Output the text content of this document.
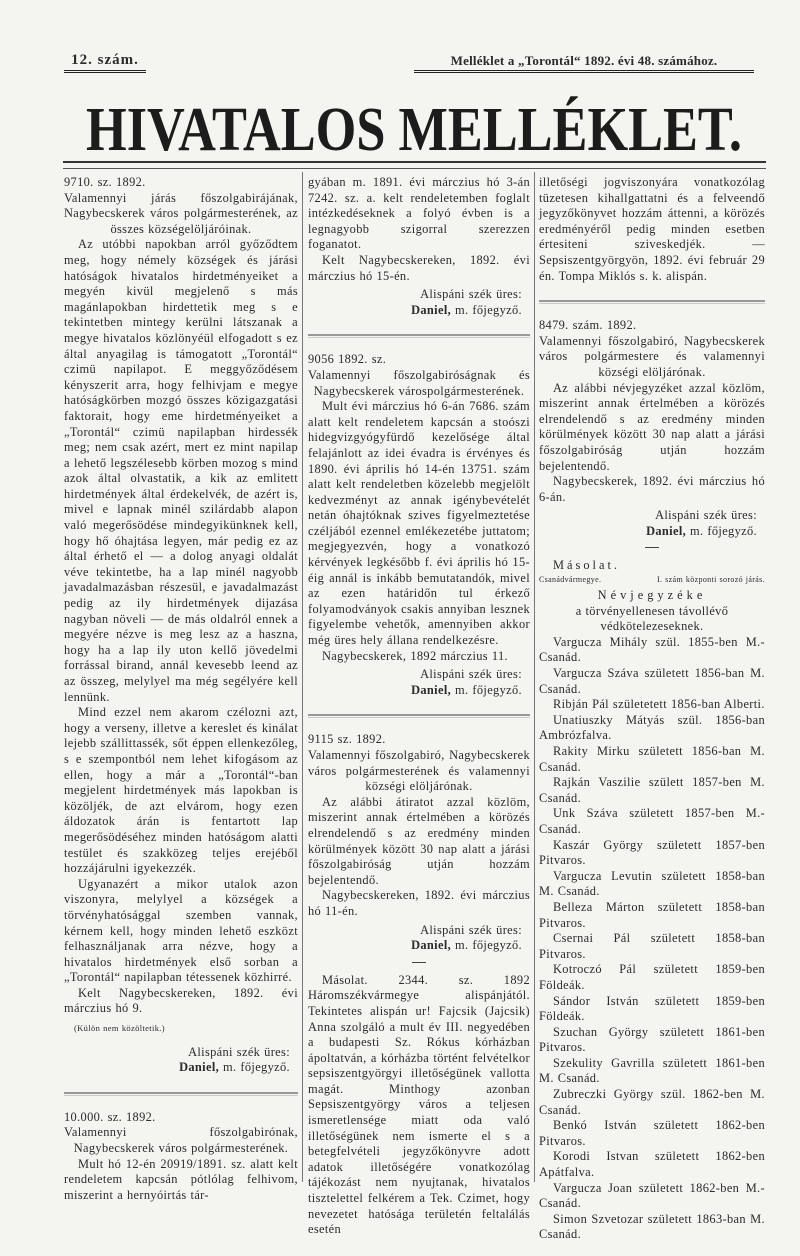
12. szám.	Melléklet a „Torontál“ 1892. évi 48. számához.
HIVATALOS MELLÉKLET.

9710. sz. 1892.

Valamennyi járás főszolgabirájának, Nagybecskerek város polgármesterének, az összes községelöljáróinak.

Az utóbbi napokban arról győződtem meg, hogy némely községek és járási hatóságok hivatalos hirdetményeiket a megyén kivül megjelenő s más magánlapokban hirdettetik meg s e tekintetben mintegy kerülni látszanak a megye hivatalos közlönyéül elfogadott s ez által anyagilag is támogatott „Torontál“ czimü napilapot. E meggyőződésem kényszerit arra, hogy felhivjam e megye hatóságkörben mozgó összes közigazgatási faktorait, hogy eme hirdetményeiket a „Torontál“ czimü napilapban hirdessék meg; nem csak azért, mert ez mint napilap a lehető legszélesebb körben mozog s mind azok által olvastatik, a kik az emlitett hirdetmények által érdekelvék, de azért is, mivel e lapnak minél szilárdabb alapon való megerősödése mindegyikünknek kell, hogy hő óhajtása legyen, már pedig ez az által érhető el — a dolog anyagi oldalát véve tekintetbe, ha a lap minél nagyobb javadalmazásban részesül, e javadalmazást pedig az ily hirdetmények dijazása nagyban növeli — de más oldalról ennek a megyére nézve is meg lesz az a haszna, hogy ha a lap ily uton kellő jövedelmi forrással birand, annál kevesebb leend az az összeg, melylyel ma még segélyére kell lennünk.

Mind ezzel nem akarom czélozni azt, hogy a verseny, illetve a kereslet és kinálat lejebb szállittassék, sőt éppen ellenkezőleg, s e szempontból nem lehet kifogásom az ellen, hogy a már a „Torontál“-ban megjelent hirdetmények más lapokban is közöljék, de azt elvárom, hogy ezen áldozatok árán is fentartott lap megerősödéséhez minden hatóságom alatti testület és szakközeg teljes erejéből hozzájárulni igyekezzék.

Ugyanazért a mikor utalok azon viszonyra, melylyel a községek a törvényhatósággal szemben vannak, kérnem kell, hogy minden lehető eszközt felhasználjanak arra nézve, hogy a hivatalos hirdetmények első sorban a „Torontál“ napilapban tétessenek közhirré.

Kelt Nagybecskereken, 1892. évi márczius hó 9.

(Külön nem közöltetik.)

Alispáni szék üres:
Daniel, m. főjegyző.

10.000. sz. 1892.

Valamennyi főszolgabirónak, Nagybecskerek város polgármesterének.

Mult hó 12-én 20919/1891. sz. alatt kelt rendeletem kapcsán pótlólag felhivom, miszerint a hernyóirtás tár-

gyában m. 1891. évi márczius hó 3-án 7242. sz. a. kelt rendeletemben foglalt intézkedéseknek a folyó évben is a legnagyobb szigorral szerezzen foganatot.

Kelt Nagybecskereken, 1892. évi márczius hó 15-én.

Alispáni szék üres:
Daniel, m. főjegyző.

9056 1892. sz.

Valamennyi főszolgabiróságnak és Nagybecskerek várospolgármesterének.

Mult évi márczius hó 6-án 7686. szám alatt kelt rendeletem kapcsán a stoószi hidegvizgyógyfürdő kezelősége által felajánlott az idei évadra is érvényes és 1890. évi április hó 14-én 13751. szám alatt kelt rendeletben közelebb megjelölt kedvezményt az annak igénybevételét netán óhajtóknak szives figyelmeztetése czéljából ezennel emlékezetébe juttatom; megjegyezvén, hogy a vonatkozó kérvények legkésőbb f. évi április hó 15-éig annál is inkább bemutatandók, mivel az ezen határidőn tul érkező folyamodványok csakis annyiban lesznek figyelembe vehetők, amennyiben akkor még üres hely állana rendelkezésre.

Nagybecskerek, 1892 márczius 11.

Alispáni szék üres:
Daniel, m. főjegyző.

9115 sz. 1892.

Valamennyi főszolgabiró, Nagybecskerek város polgármesterének és valamennyi községi elöljárónak.

Az alábbi átiratot azzal közlöm, miszerint annak értelmében a körözés elrendelendő s az eredmény minden körülmények között 30 nap alatt a járási főszolgabiróság utján hozzám bejelentendő.

Nagybecskereken, 1892. évi márczius hó 11-én.

Alispáni szék üres:
Daniel, m. főjegyző.

Másolat. 2344. sz. 1892 Háromszékvármegye alispánjától. Tekintetes alispán ur! Fajcsik (Jajcsik) Anna szolgáló a mult év III. negyedében a budapesti Sz. Rókus kórházban ápoltatván, a kórházba történt felvételkor sepsiszentgyörgyi illetőségünek vallotta magát. Minthogy azonban Sepsiszentgyörgy város a teljesen ismeretlensége miatt oda való illetőségünek nem ismerte el s a betegfelvételi jegyzőkönyvre adott adatok illetőségére vonatkozólag tájékozást nem nyujtanak, hivatalos tisztelettel felkérem a Tek. Czimet, hogy nevezetet hatósága területén feltalálás esetén

illetőségi jogviszonyára vonatkozólag tüzetesen kihallgattatni és a felveendő jegyzőkönyvet hozzám áttenni, a körözés eredményéről pedig minden esetben értesiteni sziveskedjék. — Sepsiszentgyörgyön, 1892. évi február 29 én. Tompa Miklós s. k. alispán.

8479. szám. 1892.

Valamennyi főszolgabiró, Nagybecskerek város polgármestere és valamennyi községi elöljárónak.

Az alábbi névjegyzéket azzal közlöm, miszerint annak értelmében a körözés elrendelendő s az eredmény minden körülmények között 30 nap alatt a járási főszolgabiróság utján hozzám bejelentendő.

Nagybecskerek, 1892. évi márczius hó 6-án.

Alispáni szék üres:
Daniel, m. főjegyző.

Másolat.

Csanádvármegye.	I. szám központi sorozó járás.

Névjegyzéke

a törvényellenesen távollévő védkötelezeseknek.

Varguсza Mihály szül. 1855-ben M.-Csanád.

Varguсza Száva született 1856-ban M. Csanád.

Ribján Pál születetett 1856-ban Alberti.

Unatiuszky Mátyás szül. 1856-ban Ambrózfalva.

Rakity Mirku született 1856-ban M. Csanád.

Rajkán Vaszilie születt 1857-ben M. Csanád.

Unk Száva született 1857-ben M.-Csanád.

Kaszár György született 1857-ben Pitvaros.

Varguсza Levutin született 1858-ban M. Csanád.

Belleza Márton született 1858-ban Pitvaros.

Csernai Pál született 1858-ban Pitvaros.

Kotroczó Pál született 1859-ben Földeák.

Sándor István született 1859-ben Földeák.

Szuchan György született 1861-ben Pitvaros.

Szekulity Gavrilla született 1861-ben M. Csanád.

Zubreczki György szül. 1862-ben M. Csanád.

Benkó István született 1862-ben Pitvaros.

Korodi Istvan született 1862-ben Apátfalva.

Varguсza Joan született 1862-ben M.-Csanád.

Simon Szvetozar született 1863-ban M. Csanád.
